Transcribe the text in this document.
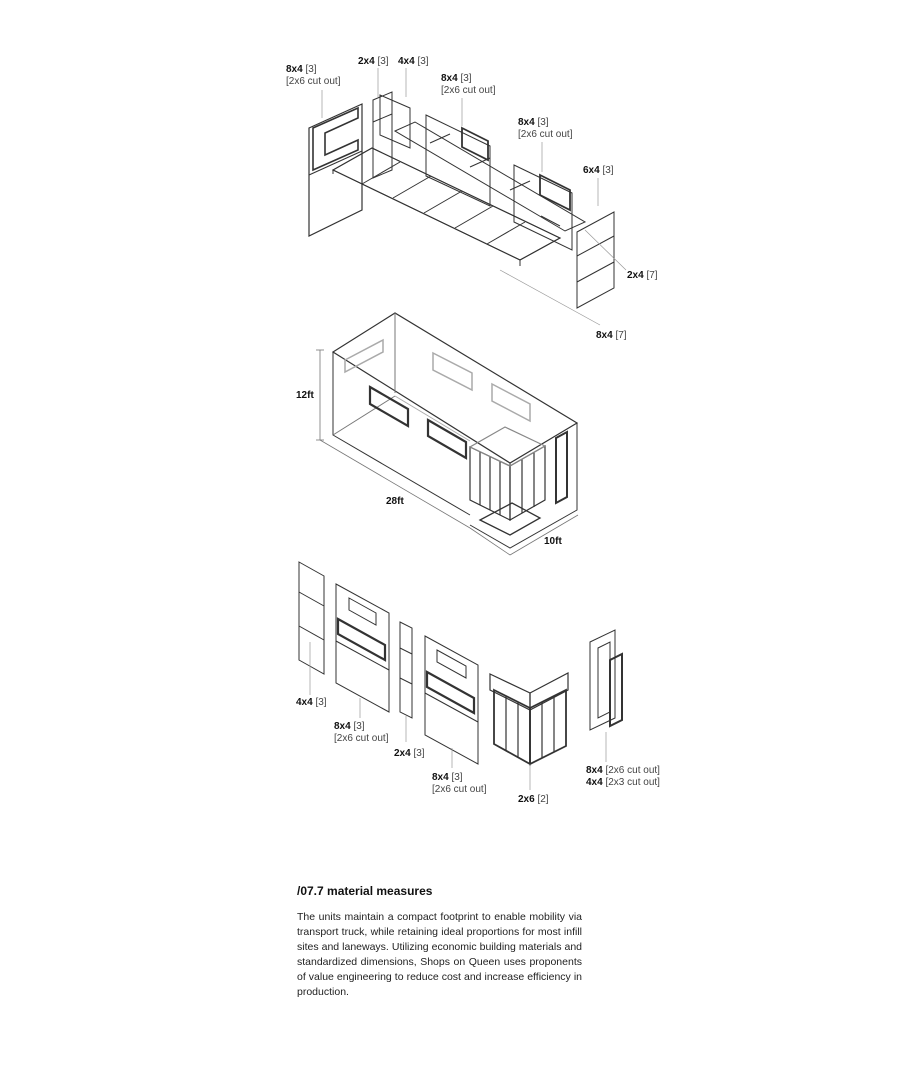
8x4 [3]
[2x6 cut out]
2x4 [3] 4x4 [3]
8x4 [3]
[2x6 cut out]
8x4 [3]
[2x6 cut out]
6x4 [3]
2x4 [7]
8x4 [7]
12ft
28ft
10ft
4x4 [3]
8x4 [3]
[2x6 cut out]
2x4 [3]
8x4 [3]
[2x6 cut out]
2x6 [2]
8x4 [2x6 cut out]
4x4 [2x3 cut out]
/07.7 material measures
The units maintain a compact footprint to enable mobility via transport truck, while retaining ideal proportions for most infill sites and laneways. Utilizing economic building materials and standardized dimensions, Shops on Queen uses proponents of value engineering to reduce cost and increase efficiency in production.
